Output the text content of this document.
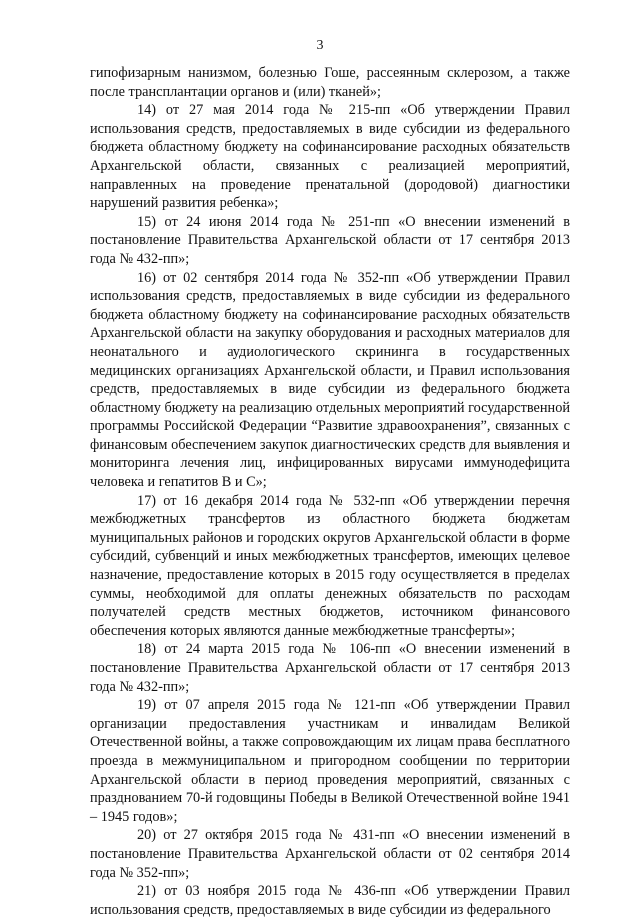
3

гипофизарным нанизмом, болезнью Гоше, рассеянным склерозом, а также после трансплантации органов и (или) тканей»;

14) от 27 мая 2014 года № 215-пп «Об утверждении Правил использования средств, предоставляемых в виде субсидии из федерального бюджета областному бюджету на софинансирование расходных обязательств Архангельской области, связанных с реализацией мероприятий, направленных на проведение пренатальной (дородовой) диагностики нарушений развития ребенка»;

15) от 24 июня 2014 года № 251-пп «О внесении изменений в постановление Правительства Архангельской области от 17 сентября 2013 года № 432-пп»;

16) от 02 сентября 2014 года № 352-пп «Об утверждении Правил использования средств, предоставляемых в виде субсидии из федерального бюджета областному бюджету на софинансирование расходных обязательств Архангельской области на закупку оборудования и расходных материалов для неонатального и аудиологического скрининга в государственных медицинских организациях Архангельской области, и Правил использования средств, предоставляемых в виде субсидии из федерального бюджета областному бюджету на реализацию отдельных мероприятий государственной программы Российской Федерации “Развитие здравоохранения”, связанных с финансовым обеспечением закупок диагностических средств для выявления и мониторинга лечения лиц, инфицированных вирусами иммунодефицита человека и гепатитов В и С»;

17) от 16 декабря 2014 года № 532-пп «Об утверждении перечня межбюджетных трансфертов из областного бюджета бюджетам муниципальных районов и городских округов Архангельской области в форме субсидий, субвенций и иных межбюджетных трансфертов, имеющих целевое назначение, предоставление которых в 2015 году осуществляется в пределах суммы, необходимой для оплаты денежных обязательств по расходам получателей средств местных бюджетов, источником финансового обеспечения которых являются данные межбюджетные трансферты»;

18) от 24 марта 2015 года № 106-пп «О внесении изменений в постановление Правительства Архангельской области от 17 сентября 2013 года № 432-пп»;

19) от 07 апреля 2015 года № 121-пп «Об утверждении Правил организации предоставления участникам и инвалидам Великой Отечественной войны, а также сопровождающим их лицам права бесплатного проезда в межмуниципальном и пригородном сообщении по территории Архангельской области в период проведения мероприятий, связанных с празднованием 70-й годовщины Победы в Великой Отечественной войне 1941 – 1945 годов»;

20) от 27 октября 2015 года № 431-пп «О внесении изменений в постановление Правительства Архангельской области от 02 сентября 2014 года № 352-пп»;

21) от 03 ноября 2015 года № 436-пп «Об утверждении Правил использования средств, предоставляемых в виде субсидии из федерального
